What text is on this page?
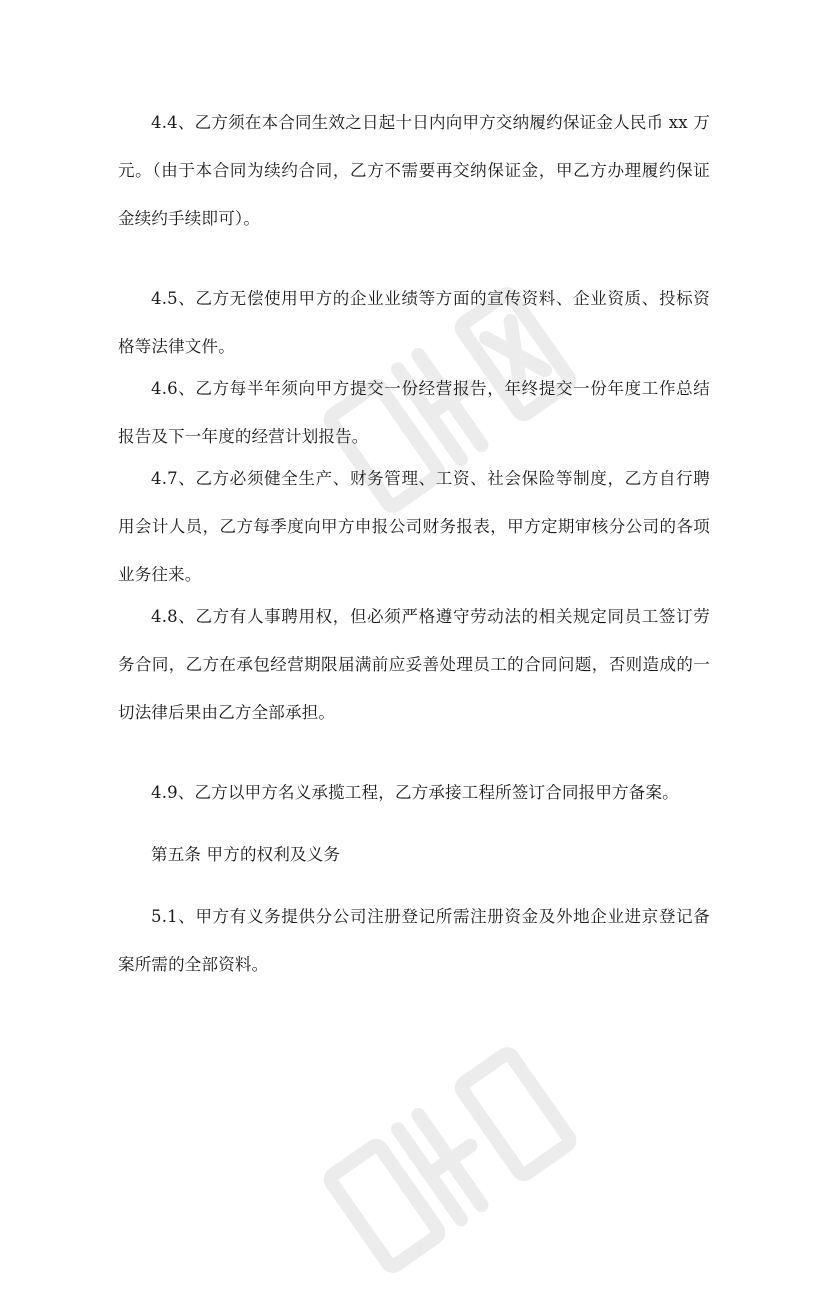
4.4、乙方须在本合同生效之日起十日内向甲方交纳履约保证金人民币 xx 万元。（由于本合同为续约合同，乙方不需要再交纳保证金，甲乙方办理履约保证金续约手续即可）。

4.5、乙方无偿使用甲方的企业业绩等方面的宣传资料、企业资质、投标资格等法律文件。

4.6、乙方每半年须向甲方提交一份经营报告，年终提交一份年度工作总结报告及下一年度的经营计划报告。

4.7、乙方必须健全生产、财务管理、工资、社会保险等制度，乙方自行聘用会计人员，乙方每季度向甲方申报公司财务报表，甲方定期审核分公司的各项业务往来。

4.8、乙方有人事聘用权，但必须严格遵守劳动法的相关规定同员工签订劳务合同，乙方在承包经营期限届满前应妥善处理员工的合同问题，否则造成的一切法律后果由乙方全部承担。

4.9、乙方以甲方名义承揽工程，乙方承接工程所签订合同报甲方备案。

第五条 甲方的权利及义务

5.1、甲方有义务提供分公司注册登记所需注册资金及外地企业进京登记备案所需的全部资料。
